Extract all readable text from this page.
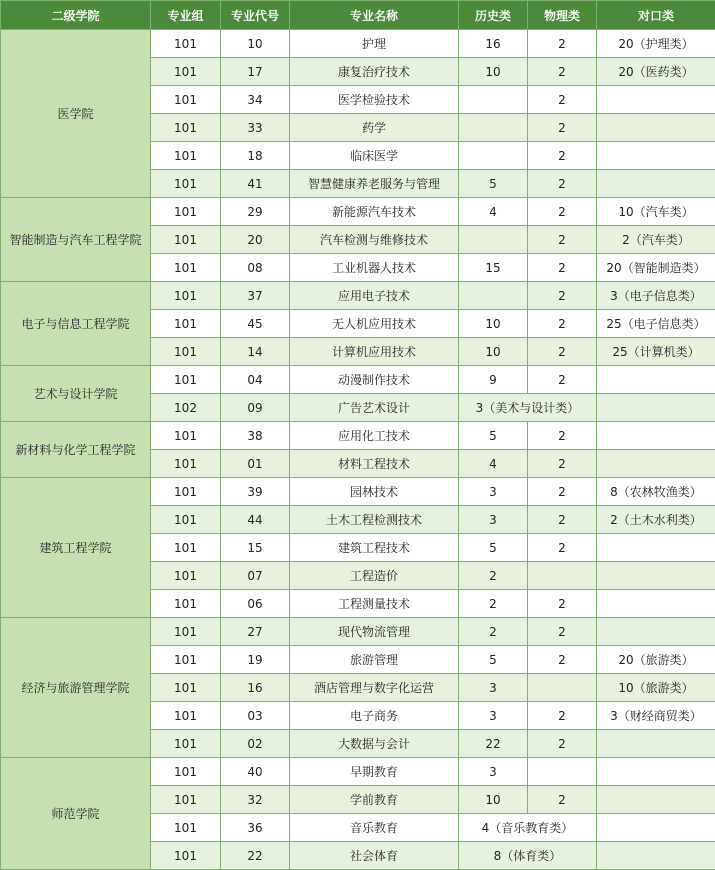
二级学院	专业组	专业代号	专业名称	历史类	物理类	对口类
医学院	101	10	护理	16	2	20（护理类）
	101	17	康复治疗技术	10	2	20（医药类）
	101	34	医学检验技术		2	
	101	33	药学		2	
	101	18	临床医学		2	
	101	41	智慧健康养老服务与管理	5	2	
智能制造与汽车工程学院	101	29	新能源汽车技术	4	2	10（汽车类）
	101	20	汽车检测与维修技术		2	2（汽车类）
	101	08	工业机器人技术	15	2	20（智能制造类）
电子与信息工程学院	101	37	应用电子技术		2	3（电子信息类）
	101	45	无人机应用技术	10	2	25（电子信息类）
	101	14	计算机应用技术	10	2	25（计算机类）
艺术与设计学院	101	04	动漫制作技术	9	2	
	102	09	广告艺术设计	3（美术与设计类）		
新材料与化学工程学院	101	38	应用化工技术	5	2	
	101	01	材料工程技术	4	2	
建筑工程学院	101	39	园林技术	3	2	8（农林牧渔类）
	101	44	土木工程检测技术	3	2	2（土木水利类）
	101	15	建筑工程技术	5	2	
	101	07	工程造价	2		
	101	06	工程测量技术	2	2	
经济与旅游管理学院	101	27	现代物流管理	2	2	
	101	19	旅游管理	5	2	20（旅游类）
	101	16	酒店管理与数字化运营	3		10（旅游类）
	101	03	电子商务	3	2	3（财经商贸类）
	101	02	大数据与会计	22	2	
师范学院	101	40	早期教育	3		
	101	32	学前教育	10	2	
	101	36	音乐教育	4（音乐教育类）		
	101	22	社会体育	8（体育类）		
